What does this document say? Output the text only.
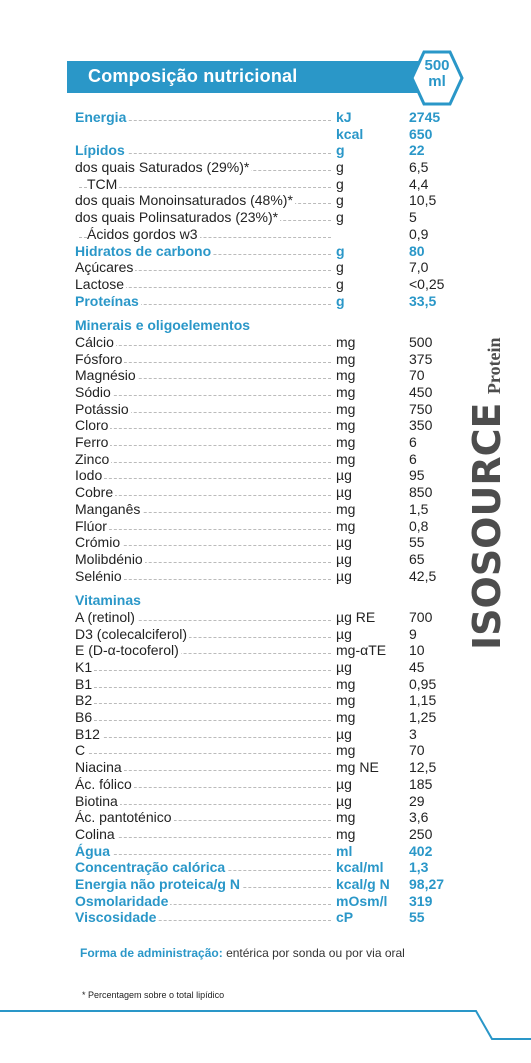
Composição nutricional
500
ml
Energia	kJ	2745
kcal	650
Lípidos	g	22
dos quais Saturados (29%)*	g	6,5
TCM	g	4,4
dos quais Monoinsaturados (48%)*	g	10,5
dos quais Polinsaturados (23%)*	g	5
Ácidos gordos w3	0,9
Hidratos de carbono	g	80
Açúcares	g	7,0
Lactose	g	<0,25
Proteínas	g	33,5
Minerais e oligoelementos
Cálcio	mg	500
Fósforo	mg	375
Magnésio	mg	70
Sódio	mg	450
Potássio	mg	750
Cloro	mg	350
Ferro	mg	6
Zinco	mg	6
Iodo	µg	95
Cobre	µg	850
Manganês	mg	1,5
Flúor	mg	0,8
Crómio	µg	55
Molibdénio	µg	65
Selénio	µg	42,5
Vitaminas
A (retinol)	µg RE 700
D3 (colecalciferol)	µg	9
E (D-α-tocoferol)	mg-αTE 10
K1	µg	45
B1	mg	0,95
B2	mg	1,15
B6	mg	1,25
B12	µg	3
C	mg	70
Niacina	mg NE 12,5
Ác. fólico	µg	185
Biotina	µg	29
Ác. pantoténico	mg	3,6
Colina	mg	250
Água	ml	402
Concentração calórica	kcal/ml 1,3
Energia não proteica/g N	kcal/g N 98,27
Osmolaridade	mOsm/l 319
Viscosidade	cP	55
Forma de administração: entérica por sonda ou por via oral
* Percentagem sobre o total lipídico
ISOSOURCE Protein
